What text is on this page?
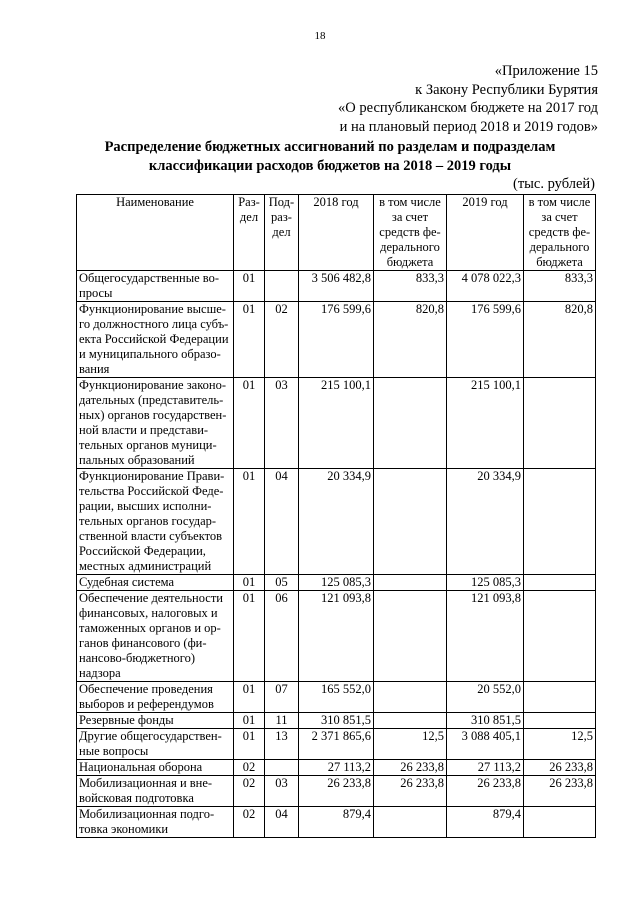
18
«Приложение 15
к Закону Республики Бурятия
«О республиканском бюджете на 2017 год
и на плановый период 2018 и 2019 годов»
Распределение бюджетных ассигнований по разделам и подразделам
классификации расходов бюджетов на 2018 – 2019 годы
(тыс. рублей)
Наименование	Раз- дел	Под- раз- дел	2018 год	в том числе за счет средств фе- дерального бюджета	2019 год	в том числе за счет средств фе- дерального бюджета
Общегосударственные во- просы	01		3 506 482,8	833,3	4 078 022,3	833,3
Функционирование высше- го должностного лица субъ- екта Российской Федерации и муниципального образо- вания	01	02	176 599,6	820,8	176 599,6	820,8
Функционирование законо- дательных (представитель- ных) органов государствен- ной власти и представи- тельных органов муници- пальных образований	01	03	215 100,1		215 100,1	
Функционирование Прави- тельства Российской Феде- рации, высших исполни- тельных органов государ- ственной власти субъектов Российской Федерации, местных администраций	01	04	20 334,9		20 334,9	
Судебная система	01	05	125 085,3		125 085,3	
Обеспечение деятельности финансовых, налоговых и таможенных органов и ор- ганов финансового (фи- нансово-бюджетного) надзора	01	06	121 093,8		121 093,8	
Обеспечение проведения выборов и референдумов	01	07	165 552,0		20 552,0	
Резервные фонды	01	11	310 851,5		310 851,5	
Другие общегосударствен- ные вопросы	01	13	2 371 865,6	12,5	3 088 405,1	12,5
Национальная оборона	02		27 113,2	26 233,8	27 113,2	26 233,8
Мобилизационная и вне- войсковая подготовка	02	03	26 233,8	26 233,8	26 233,8	26 233,8
Мобилизационная подго- товка экономики	02	04	879,4		879,4	
